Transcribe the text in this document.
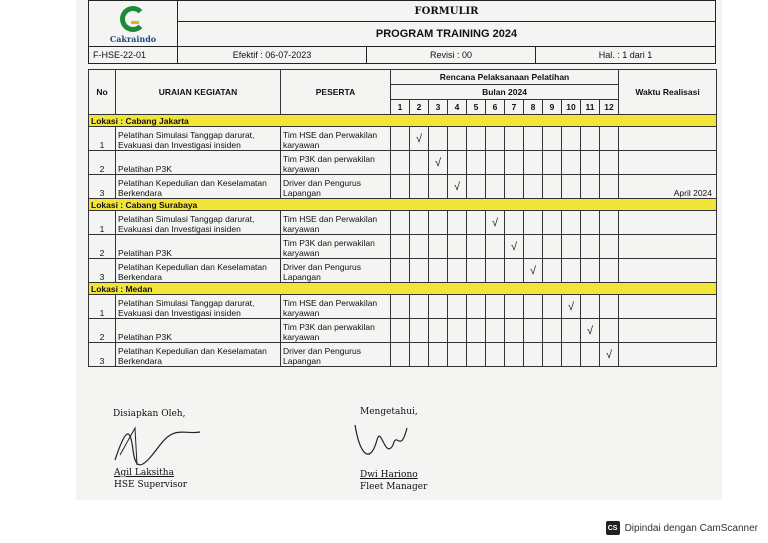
Cakraindo	FORMULIR		
	PROGRAM TRAINING 2024		
F-HSE-22-01	Efektif : 06-07-2023	Revisi : 00	Hal. : 1 dari 1
No	URAIAN KEGIATAN	PESERTA	Rencana Pelaksanaan Pelatihan												Waktu Realisasi
			Bulan 2024												
			1	2	3	4	5	6	7	8	9	10	11	12	
Lokasi : Cabang Jakarta															
1	Pelatihan Simulasi Tanggap darurat, Evakuasi dan Investigasi insiden	Tim HSE dan Perwakilan karyawan		√											
2	Pelatihan P3K	Tim P3K dan perwakilan karyawan			√										
3	Pelatihan Kepedulian dan Keselamatan Berkendara	Driver dan Pengurus Lapangan				√									April 2024
Lokasi : Cabang Surabaya															
1	Pelatihan Simulasi Tanggap darurat, Evakuasi dan Investigasi insiden	Tim HSE dan Perwakilan karyawan						√							
2	Pelatihan P3K	Tim P3K dan perwakilan karyawan							√						
3	Pelatihan Kepedulian dan Keselamatan Berkendara	Driver dan Pengurus Lapangan								√					
Lokasi : Medan															
1	Pelatihan Simulasi Tanggap darurat, Evakuasi dan Investigasi insiden	Tim HSE dan Perwakilan karyawan										√			
2	Pelatihan P3K	Tim P3K dan perwakilan karyawan											√		
3	Pelatihan Kepedulian dan Keselamatan Berkendara	Driver dan Pengurus Lapangan												√	
Disiapkan Oleh,
Agil Laksitha
HSE Supervisor
Mengetahui,
Dwi Hariono
Fleet Manager
CS Dipindai dengan CamScanner
